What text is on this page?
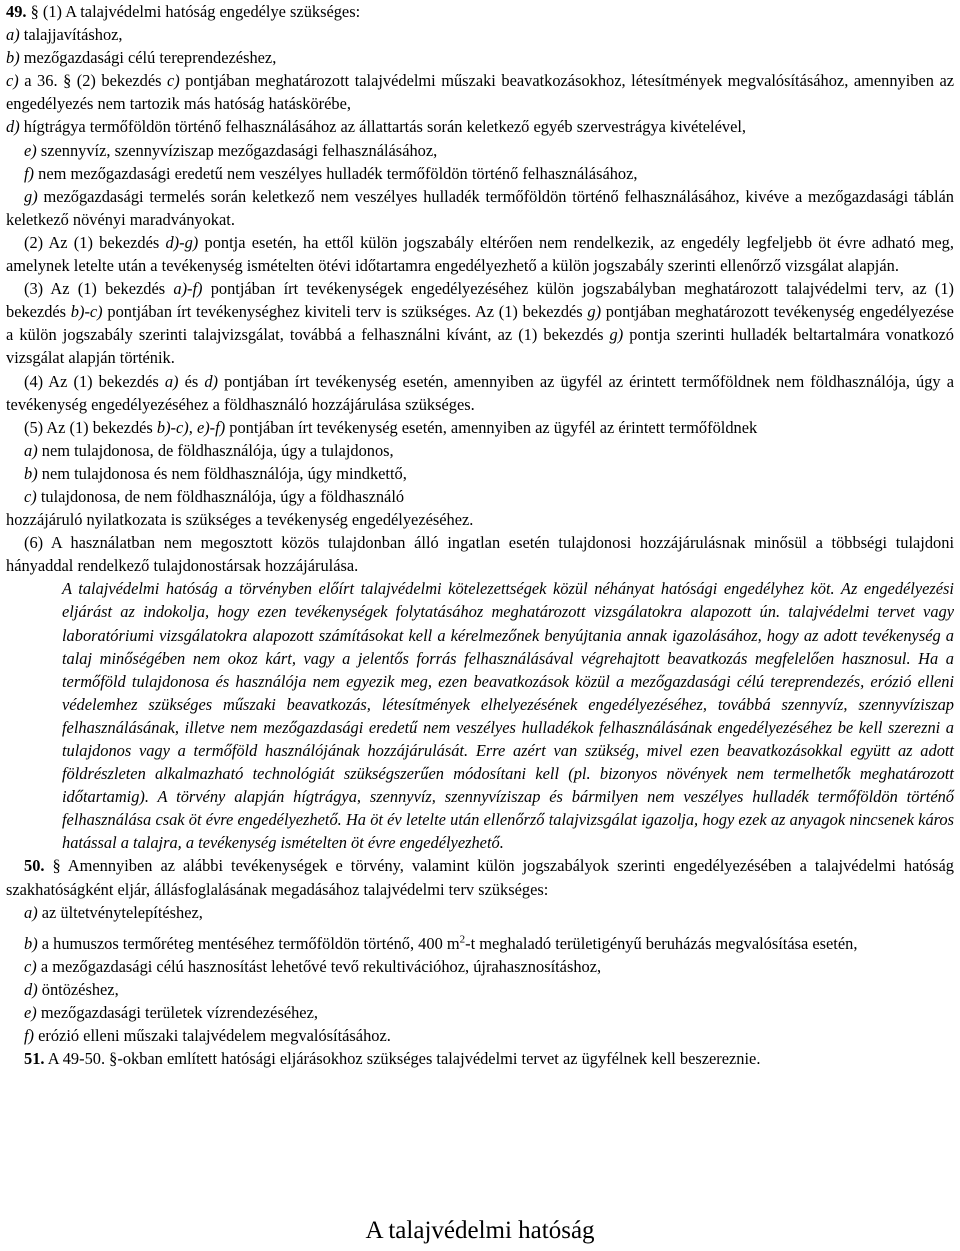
49. § (1) A talajvédelmi hatóság engedélye szükséges:

a) talajjavításhoz,

b) mezőgazdasági célú tereprendezéshez,

c) a 36. § (2) bekezdés c) pontjában meghatározott talajvédelmi műszaki beavatkozásokhoz, létesítmények megvalósításához, amennyiben az engedélyezés nem tartozik más hatóság hatáskörébe,

d) hígtrágya termőföldön történő felhasználásához az állattartás során keletkező egyéb szervestrágya kivételével,

e) szennyvíz, szennyvíziszap mezőgazdasági felhasználásához,

f) nem mezőgazdasági eredetű nem veszélyes hulladék termőföldön történő felhasználásához,

g) mezőgazdasági termelés során keletkező nem veszélyes hulladék termőföldön történő felhasználásához, kivéve a mezőgazdasági táblán keletkező növényi maradványokat.

(2) Az (1) bekezdés d)-g) pontja esetén, ha ettől külön jogszabály eltérően nem rendelkezik, az engedély legfeljebb öt évre adható meg, amelynek letelte után a tevékenység ismételten ötévi időtartamra engedélyezhető a külön jogszabály szerinti ellenőrző vizsgálat alapján.

(3) Az (1) bekezdés a)-f) pontjában írt tevékenységek engedélyezéséhez külön jogszabályban meghatározott talajvédelmi terv, az (1) bekezdés b)-c) pontjában írt tevékenységhez kiviteli terv is szükséges. Az (1) bekezdés g) pontjában meghatározott tevékenység engedélyezése a külön jogszabály szerinti talajvizsgálat, továbbá a felhasználni kívánt, az (1) bekezdés g) pontja szerinti hulladék beltartalmára vonatkozó vizsgálat alapján történik.

(4) Az (1) bekezdés a) és d) pontjában írt tevékenység esetén, amennyiben az ügyfél az érintett termőföldnek nem földhasználója, úgy a tevékenység engedélyezéséhez a földhasználó hozzájárulása szükséges.

(5) Az (1) bekezdés b)-c), e)-f) pontjában írt tevékenység esetén, amennyiben az ügyfél az érintett termőföldnek

a) nem tulajdonosa, de földhasználója, úgy a tulajdonos,

b) nem tulajdonosa és nem földhasználója, úgy mindkettő,

c) tulajdonosa, de nem földhasználója, úgy a földhasználó

hozzájáruló nyilatkozata is szükséges a tevékenység engedélyezéséhez.

(6) A használatban nem megosztott közös tulajdonban álló ingatlan esetén tulajdonosi hozzájárulásnak minősül a többségi tulajdoni hányaddal rendelkező tulajdonostársak hozzájárulása.

A talajvédelmi hatóság a törvényben előírt talajvédelmi kötelezettségek közül néhányat hatósági engedélyhez köt. Az engedélyezési eljárást az indokolja, hogy ezen tevékenységek folytatásához meghatározott vizsgálatokra alapozott ún. talajvédelmi tervet vagy laboratóriumi vizsgálatokra alapozott számításokat kell a kérelmezőnek benyújtania annak igazolásához, hogy az adott tevékenység a talaj minőségében nem okoz kárt, vagy a jelentős forrás felhasználásával végrehajtott beavatkozás megfelelően hasznosul. Ha a termőföld tulajdonosa és használója nem egyezik meg, ezen beavatkozások közül a mezőgazdasági célú tereprendezés, erózió elleni védelemhez szükséges műszaki beavatkozás, létesítmények elhelyezésének engedélyezéséhez, továbbá szennyvíz, szennyvíziszap felhasználásának, illetve nem mezőgazdasági eredetű nem veszélyes hulladékok felhasználásának engedélyezéséhez be kell szerezni a tulajdonos vagy a termőföld használójának hozzájárulását. Erre azért van szükség, mivel ezen beavatkozásokkal együtt az adott földrészleten alkalmazható technológiát szükségszerűen módosítani kell (pl. bizonyos növények nem termelhetők meghatározott időtartamig). A törvény alapján hígtrágya, szennyvíz, szennyvíziszap és bármilyen nem veszélyes hulladék termőföldön történő felhasználása csak öt évre engedélyezhető. Ha öt év letelte után ellenőrző talajvizsgálat igazolja, hogy ezek az anyagok nincsenek káros hatással a talajra, a tevékenység ismételten öt évre engedélyezhető.

50. § Amennyiben az alábbi tevékenységek e törvény, valamint külön jogszabályok szerinti engedélyezésében a talajvédelmi hatóság szakhatóságként eljár, állásfoglalásának megadásához talajvédelmi terv szükséges:

a) az ültetvénytelepítéshez,

b) a humuszos termőréteg mentéséhez termőföldön történő, 400 $m^2-t$ meghaladó területigényű beruházás megvalósítása esetén,

c) a mezőgazdasági célú hasznosítást lehetővé tevő rekultivációhoz, újrahasznosításhoz,

d) öntözéshez,

e) mezőgazdasági területek vízrendezéséhez,

f) erózió elleni műszaki talajvédelem megvalósításához.

51. A 49-50. §-okban említett hatósági eljárásokhoz szükséges talajvédelmi tervet az ügyfélnek kell beszereznie.

A talajvédelmi hatóság
